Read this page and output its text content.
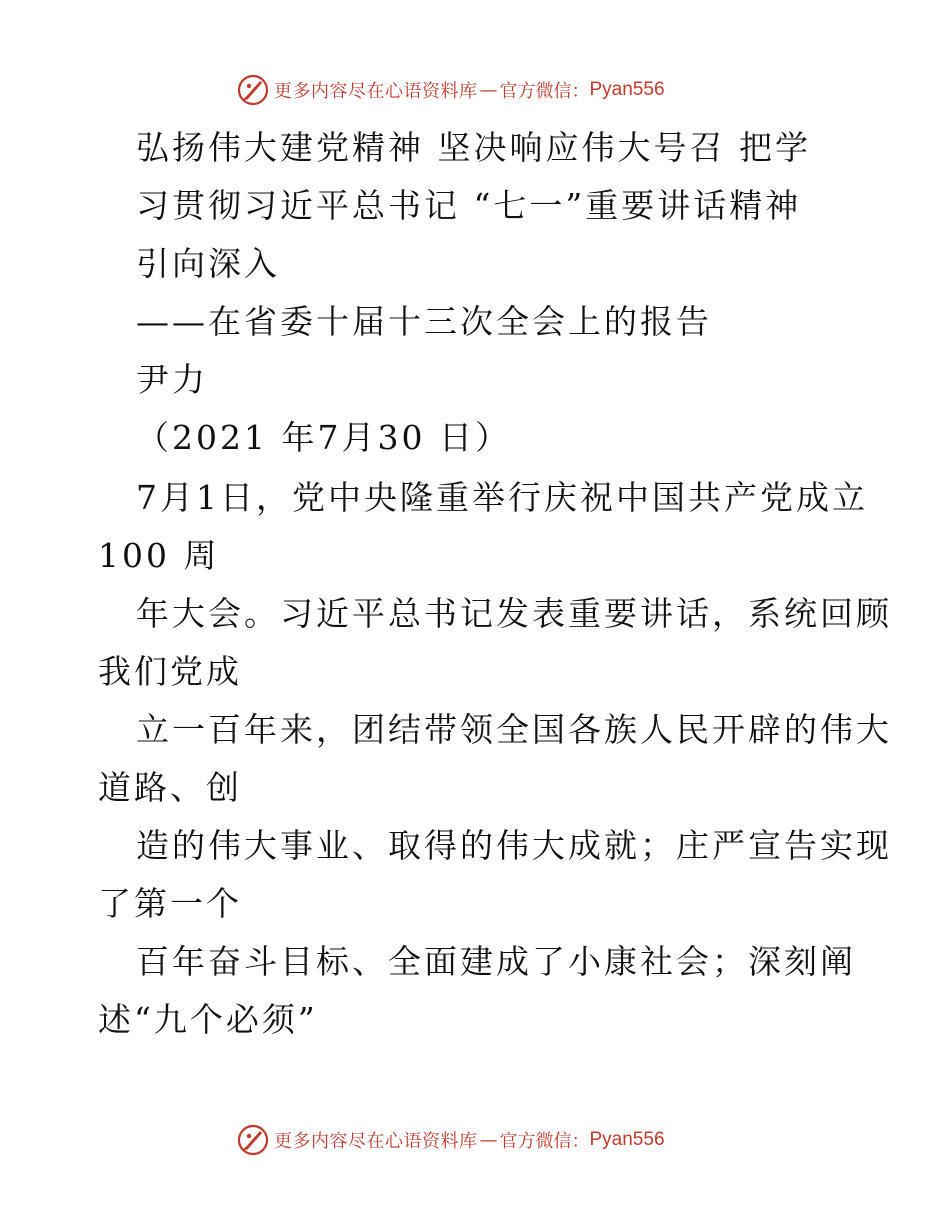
更多内容尽在心语资料库 — 官方微信： Pyan556
弘扬伟大建党精神 坚决响应伟大号召 把学
习贯彻习近平总书记 “七一”重要讲话精神
引向深入
——在省委十届十三次全会上的报告
尹力
（2021 年7月30 日）
7月1日，党中央隆重举行庆祝中国共产党成立
100 周
年大会。习近平总书记发表重要讲话，系统回顾
我们党成
立一百年来，团结带领全国各族人民开辟的伟大
道路、创
造的伟大事业、取得的伟大成就；庄严宣告实现
了第一个
百年奋斗目标、全面建成了小康社会；深刻阐
述“九个必须”
更多内容尽在心语资料库 — 官方微信： Pyan556
